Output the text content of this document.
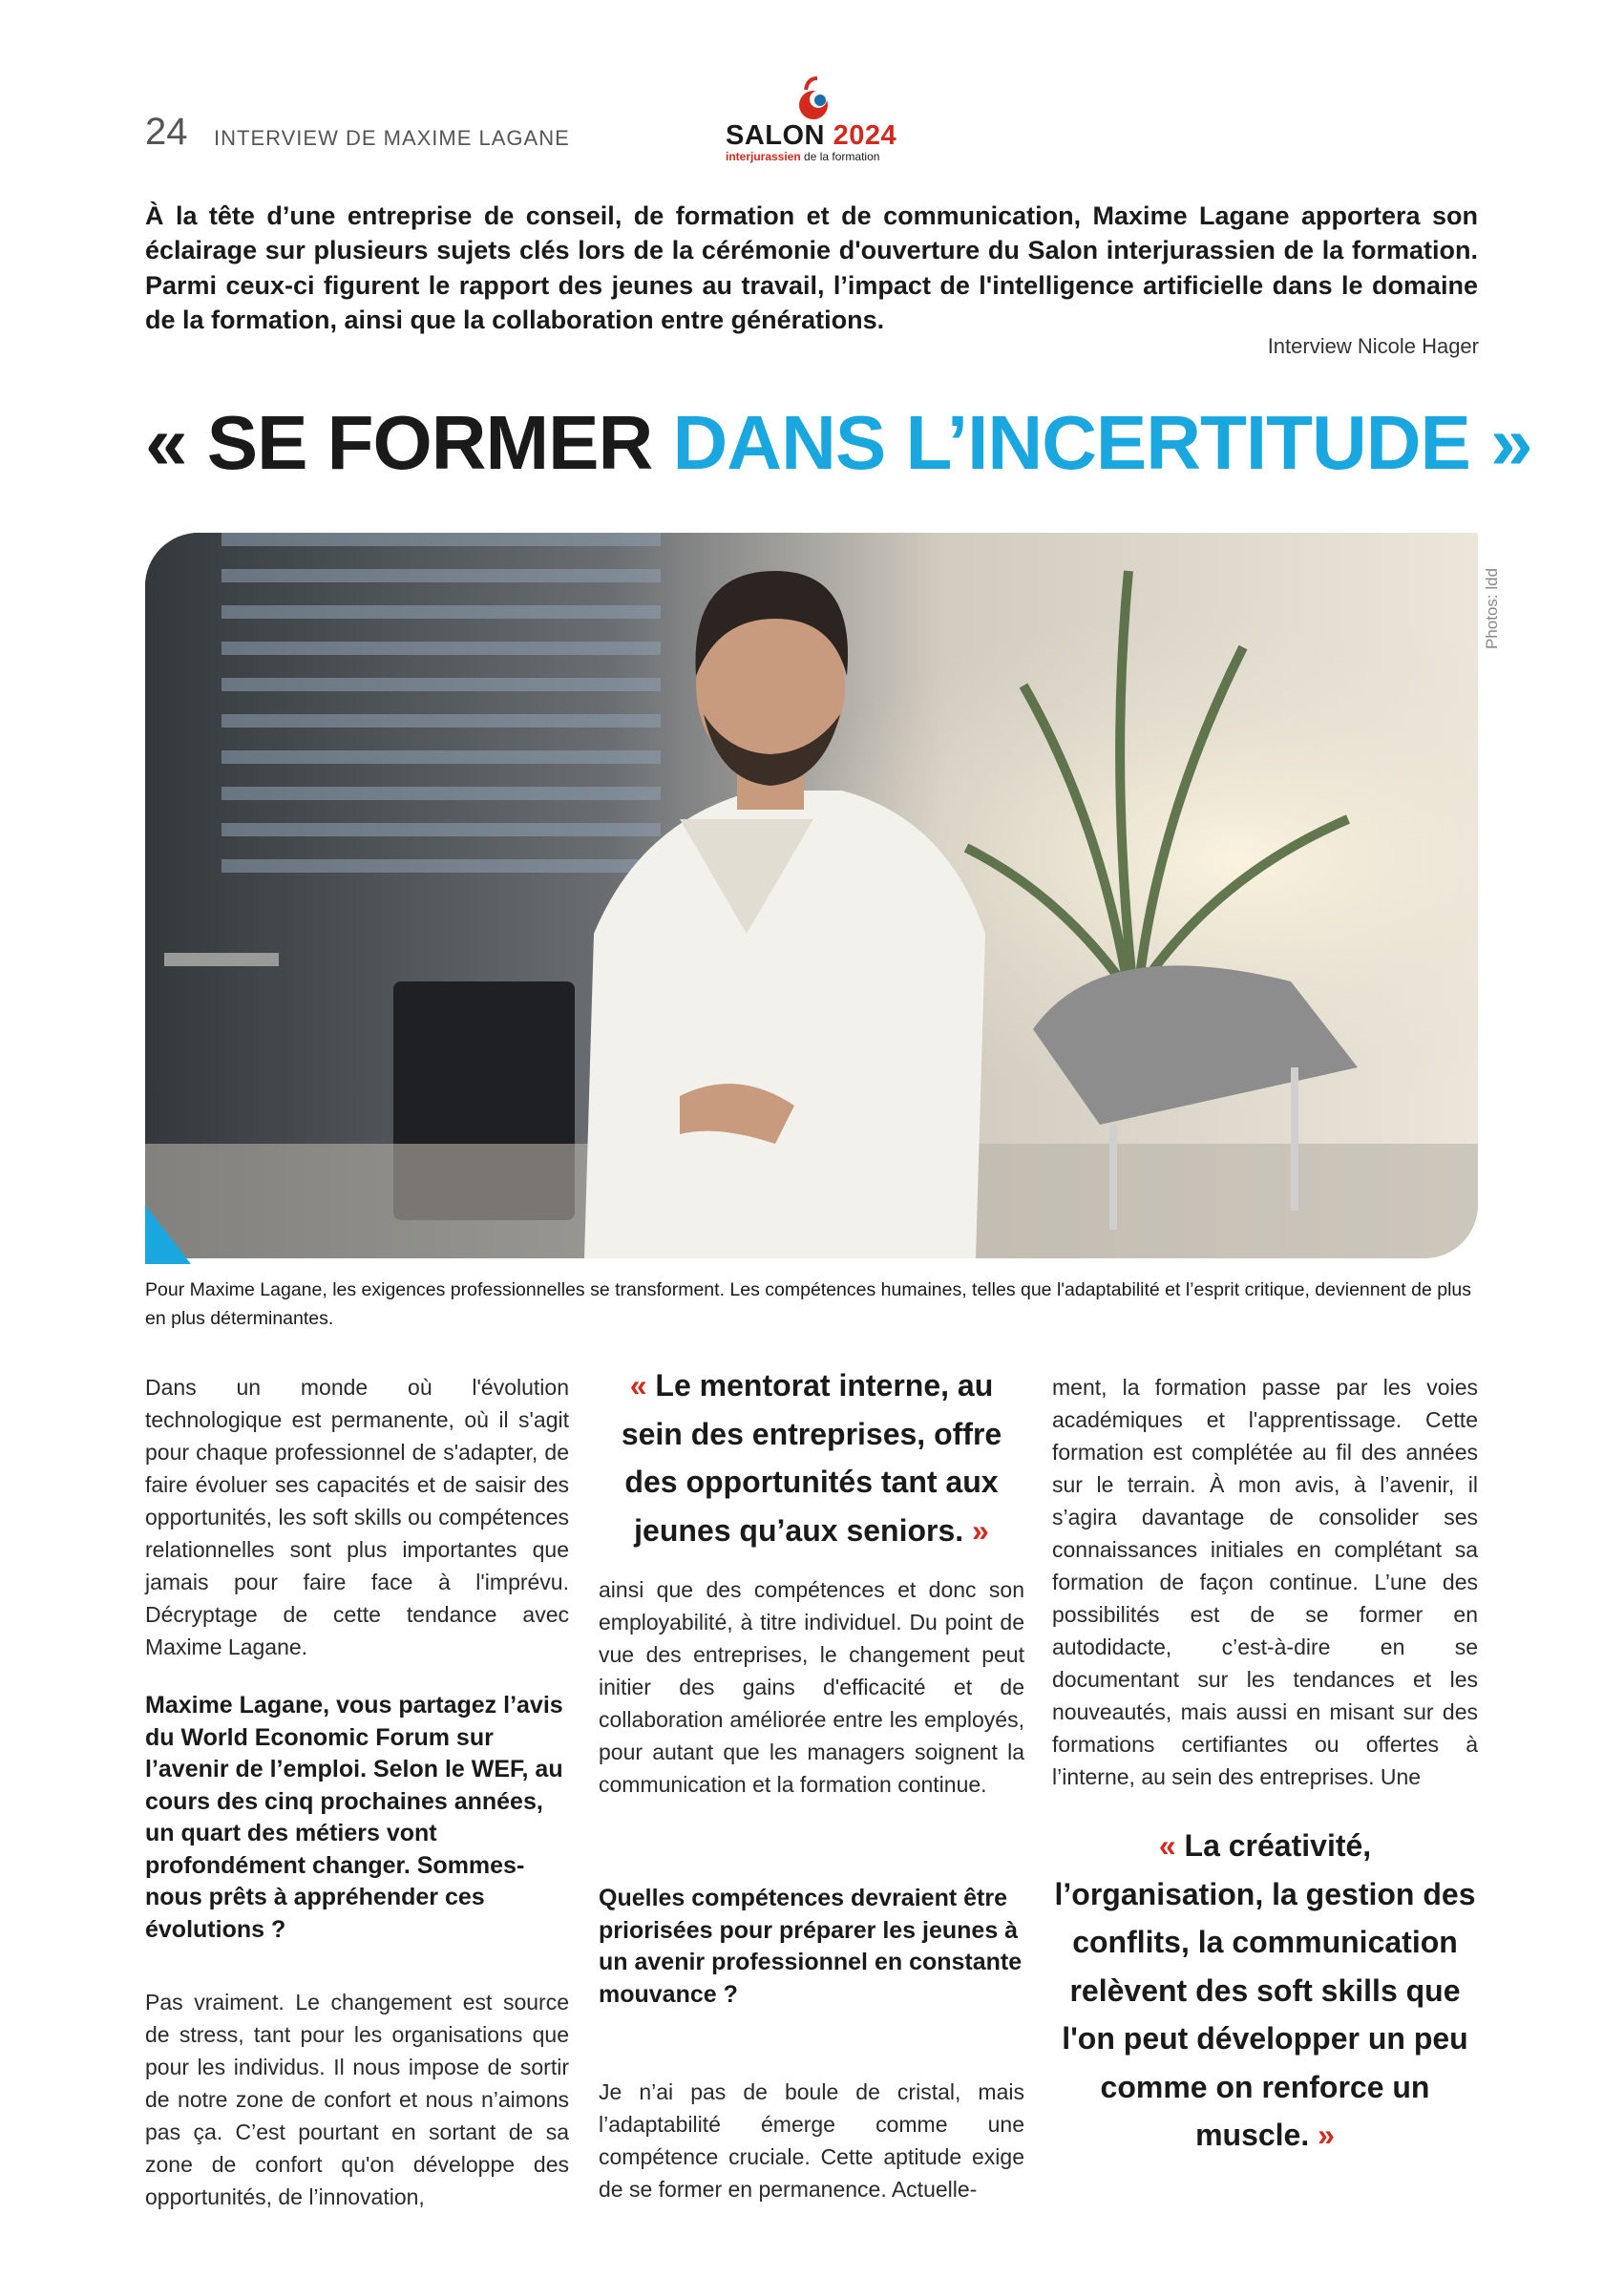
24 INTERVIEW DE MAXIME LAGANE	SALON 2024
interjurassien de la formation

À la tête d’une entreprise de conseil, de formation et de communication, Maxime Lagane apportera son éclairage sur plusieurs sujets clés lors de la cérémonie d'ouverture du Salon interjurassien de la formation. Parmi ceux-ci figurent le rapport des jeunes au travail, l’impact de l'intelligence artificielle dans le domaine de la formation, ainsi que la collaboration entre générations.

Interview Nicole Hager
« SE FORMER DANS L’INCERTITUDE »
Photos: ldd

Pour Maxime Lagane, les exigences professionnelles se transforment. Les compétences humaines, telles que l'adaptabilité et l’esprit critique, deviennent de plus en plus déterminantes.

Dans un monde où l'évolution technologique est permanente, où il s'agit pour chaque professionnel de s'adapter, de faire évoluer ses capacités et de saisir des opportunités, les soft skills ou compétences relationnelles sont plus importantes que jamais pour faire face à l'imprévu. Décryptage de cette tendance avec Maxime Lagane.

Maxime Lagane, vous partagez l’avis du World Economic Forum sur l’avenir de l’emploi. Selon le WEF, au cours des cinq prochaines années, un quart des métiers vont profondément changer. Sommes-nous prêts à appréhender ces évolutions ?

Pas vraiment. Le changement est source de stress, tant pour les organisations que pour les individus. Il nous impose de sortir de notre zone de confort et nous n’aimons pas ça. C’est pourtant en sortant de sa zone de confort qu'on développe des opportunités, de l’innovation,

« Le mentorat interne, au sein des entreprises, offre des opportunités tant aux jeunes qu’aux seniors. »

ainsi que des compétences et donc son employabilité, à titre individuel. Du point de vue des entreprises, le changement peut initier des gains d'efficacité et de collaboration améliorée entre les employés, pour autant que les managers soignent la communication et la formation continue.

Quelles compétences devraient être priorisées pour préparer les jeunes à un avenir professionnel en constante mouvance ?

Je n’ai pas de boule de cristal, mais l’adaptabilité émerge comme une compétence cruciale. Cette aptitude exige de se former en permanence. Actuelle-

ment, la formation passe par les voies académiques et l'apprentissage. Cette formation est complétée au fil des années sur le terrain. À mon avis, à l’avenir, il s’agira davantage de consolider ses connaissances initiales en complétant sa formation de façon continue. L’une des possibilités est de se former en autodidacte, c’est-à-dire en se documentant sur les tendances et les nouveautés, mais aussi en misant sur des formations certifiantes ou offertes à l’interne, au sein des entreprises. Une

« La créativité, l’organisation, la gestion des conflits, la communication relèvent des soft skills que l'on peut développer un peu comme on renforce un muscle. »
